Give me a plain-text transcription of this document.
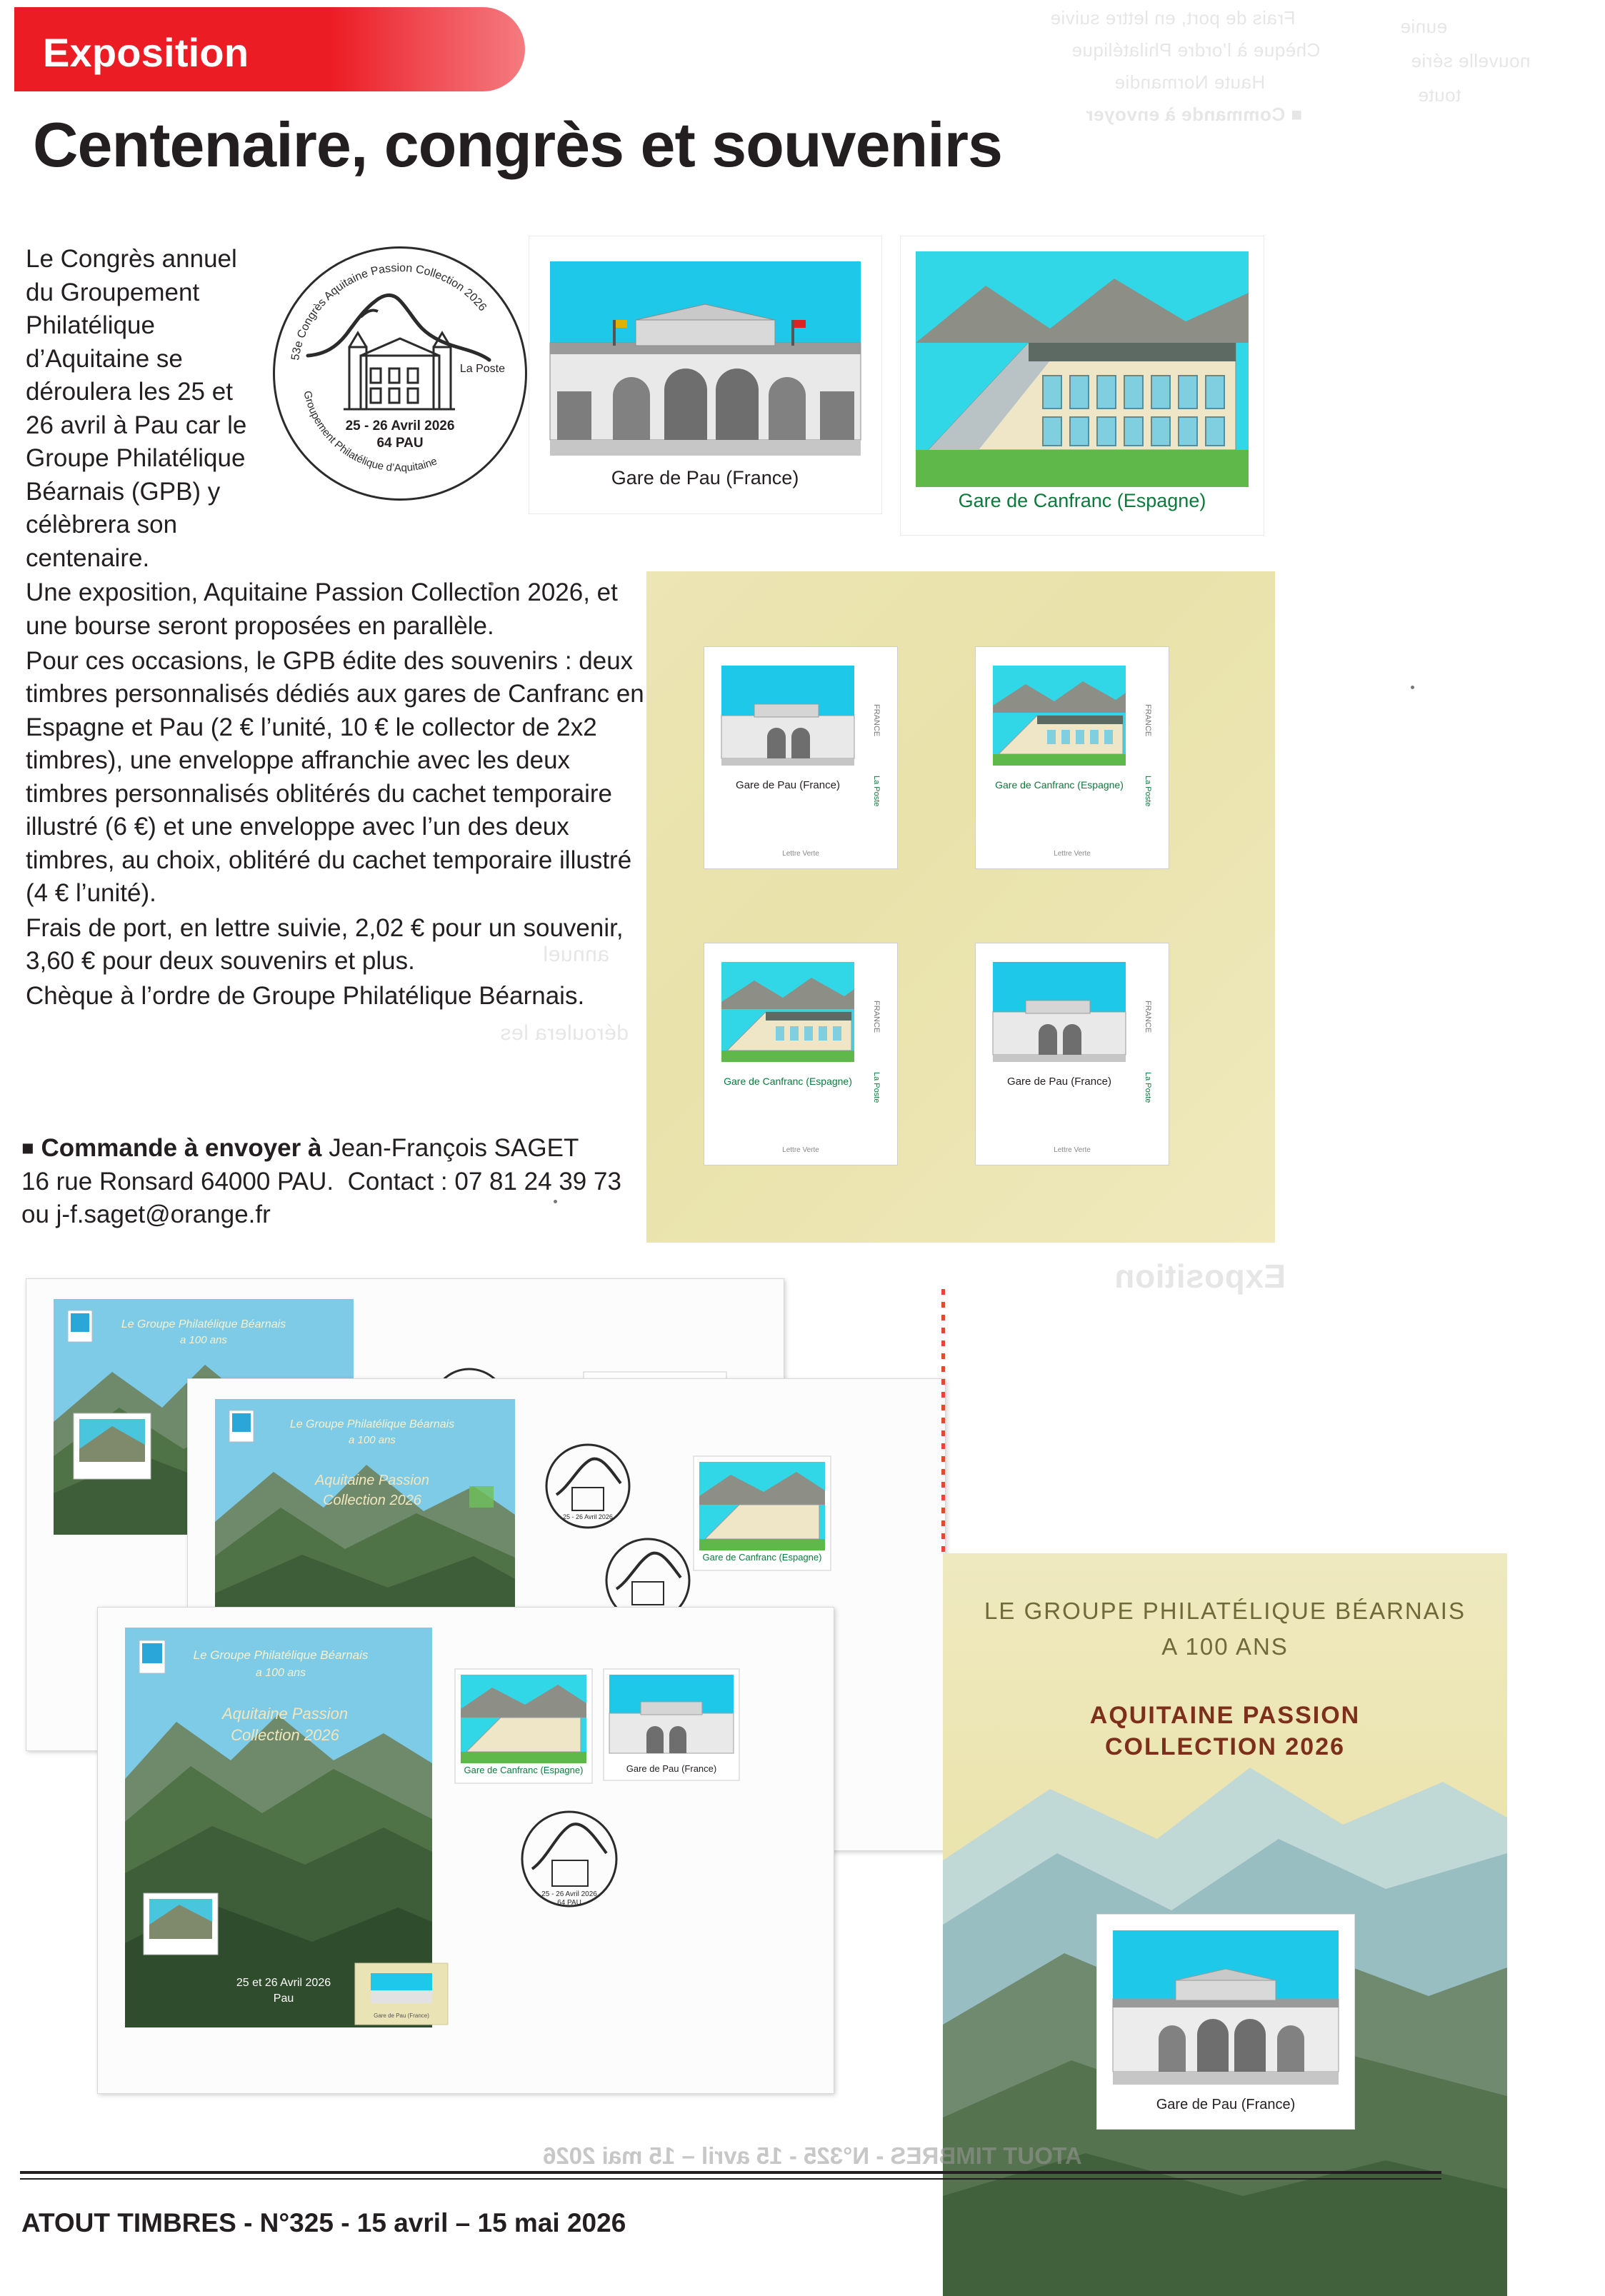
Frais de port, en lettre suivie
Chèque à l’ordre Philatélique
Haute Normandie
■ Commande à envoyer
eunie
nouvelle série
toute
Exposition
annuel
déroulera les
Exposition
Centenaire, congrès et souvenirs

Le Congrès annuel du Groupement Philatélique d’Aquitaine se déroulera les 25 et 26 avril à Pau car le Groupe Philatélique Béarnais (GPB) y célèbrera son centenaire.

Une exposition, Aquitaine Passion Collection 2026, et une bourse seront proposées en parallèle.

Pour ces occasions, le GPB édite des souvenirs : deux timbres personnalisés dédiés aux gares de Canfranc en Espagne et Pau (2 € l’unité, 10 € le collector de 2x2 timbres), une enveloppe affranchie avec les deux timbres personnalisés oblitérés du cachet temporaire illustré (6 €) et une enveloppe avec l’un des deux timbres, au choix, oblitéré du cachet temporaire illustré (4 € l’unité).

Frais de port, en lettre suivie, 2,02 € pour un souvenir, 3,60 € pour deux souvenirs et plus.

Chèque à l’ordre de Groupe Philatélique Béarnais.

■ Commande à envoyer à Jean-François SAGET
16 rue Ronsard 64000 PAU. Contact : 07 81 24 39 73
ou j-f.saget@orange.fr
53e Congrès Aquitaine Passion Collection 2026
Groupement Philatélique d’Aquitaine
La Poste
25 - 26 Avril 2026
64 PAU
Gare de Pau (France)
Gare de Canfranc (Espagne)
Gare de Pau (France)
FRANCE
La Poste
Lettre Verte
Gare de Canfranc (Espagne)
FRANCE
La Poste
Lettre Verte
Gare de Canfranc (Espagne)
FRANCE
La Poste
Lettre Verte
Gare de Pau (France)
FRANCE
La Poste
Lettre Verte
Le Groupe Philatélique Béarnais
a 100 ans
Le Groupe Philatélique Béarnais
a 100 ans
Aquitaine Passion
Collection 2026
25 - 26 Avril 2026
Gare de Canfranc (Espagne)
Le Groupe Philatélique Béarnais
a 100 ans
Aquitaine Passion
Collection 2026
25 et 26 Avril 2026
Pau
Gare de Pau (France)
Gare de Canfranc (Espagne)	Gare de Pau (France)
25 - 26 Avril 2026
64 PAU
LE GROUPE PHILATÉLIQUE BÉARNAIS
A 100 ANS
AQUITAINE PASSION
COLLECTION 2026
Gare de Pau (France)
ATOUT TIMBRES - N°325 - 15 avril – 15 mai 2026
ATOUT TIMBRES - N°325 - 15 avril – 15 mai 2026
